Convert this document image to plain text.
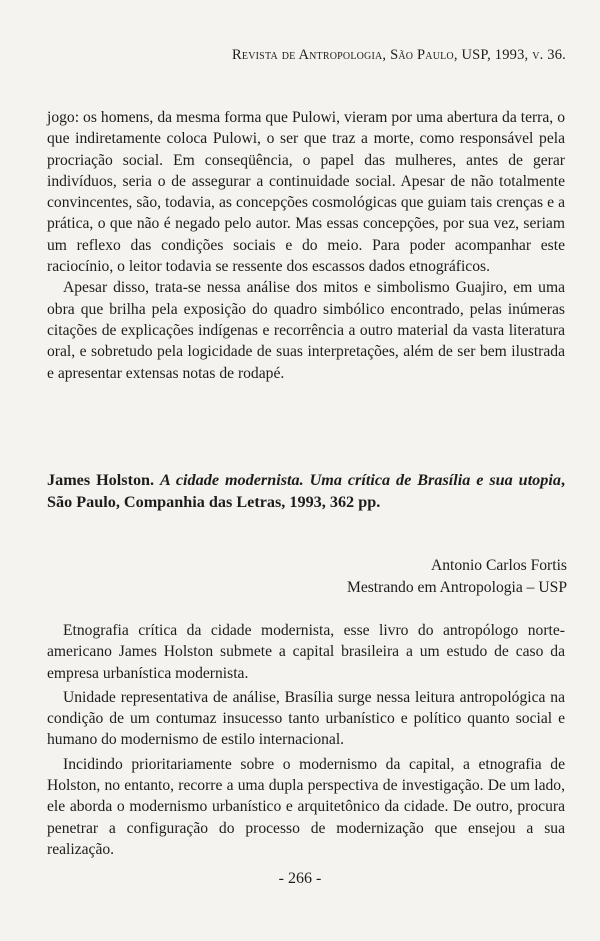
Revista de Antropologia, São Paulo, USP, 1993, v. 36.

jogo: os homens, da mesma forma que Pulowi, vieram por uma abertura da terra, o que indiretamente coloca Pulowi, o ser que traz a morte, como responsável pela procriação social. Em conseqüência, o papel das mulheres, antes de gerar indivíduos, seria o de assegurar a continuidade social. Apesar de não totalmente convincentes, são, todavia, as concepções cosmológicas que guiam tais crenças e a prática, o que não é negado pelo autor. Mas essas concepções, por sua vez, seriam um reflexo das condições sociais e do meio. Para poder acompanhar este raciocínio, o leitor todavia se ressente dos escassos dados etnográficos.

Apesar disso, trata-se nessa análise dos mitos e simbolismo Guajiro, em uma obra que brilha pela exposição do quadro simbólico encontrado, pelas inúmeras citações de explicações indígenas e recorrência a outro material da vasta literatura oral, e sobretudo pela logicidade de suas interpretações, além de ser bem ilustrada e apresentar extensas notas de rodapé.

James Holston. A cidade modernista. Uma crítica de Brasília e sua utopia, São Paulo, Companhia das Letras, 1993, 362 pp.
Antonio Carlos Fortis
Mestrando em Antropologia – USP

Etnografia crítica da cidade modernista, esse livro do antropólogo norte-americano James Holston submete a capital brasileira a um estudo de caso da empresa urbanística modernista.

Unidade representativa de análise, Brasília surge nessa leitura antropológica na condição de um contumaz insucesso tanto urbanístico e político quanto social e humano do modernismo de estilo internacional.

Incidindo prioritariamente sobre o modernismo da capital, a etnografia de Holston, no entanto, recorre a uma dupla perspectiva de investigação. De um lado, ele aborda o modernismo urbanístico e arquitetônico da cidade. De outro, procura penetrar a configuração do processo de modernização que ensejou a sua realização.

- 266 -
